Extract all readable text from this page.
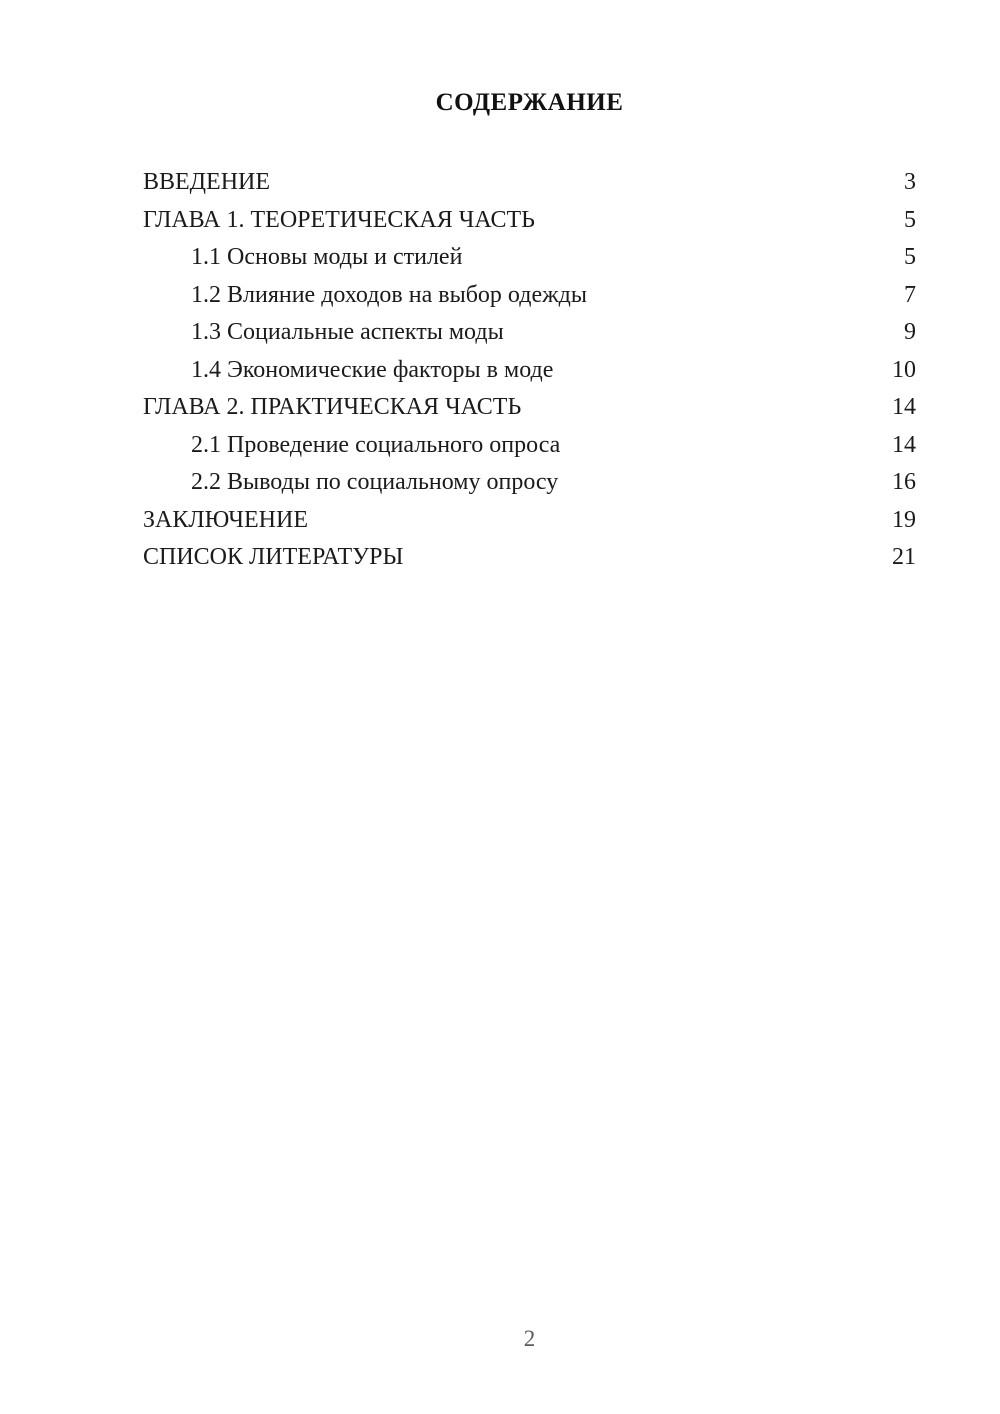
СОДЕРЖАНИЕ
ВВЕДЕНИЕ	3
ГЛАВА 1. ТЕОРЕТИЧЕСКАЯ ЧАСТЬ	5
1.1 Основы моды и стилей	5
1.2 Влияние доходов на выбор одежды	7
1.3 Социальные аспекты моды	9
1.4 Экономические факторы в моде	10
ГЛАВА 2. ПРАКТИЧЕСКАЯ ЧАСТЬ	14
2.1 Проведение социального опроса	14
2.2 Выводы по социальному опросу	16
ЗАКЛЮЧЕНИЕ	19
СПИСОК ЛИТЕРАТУРЫ	21
2
